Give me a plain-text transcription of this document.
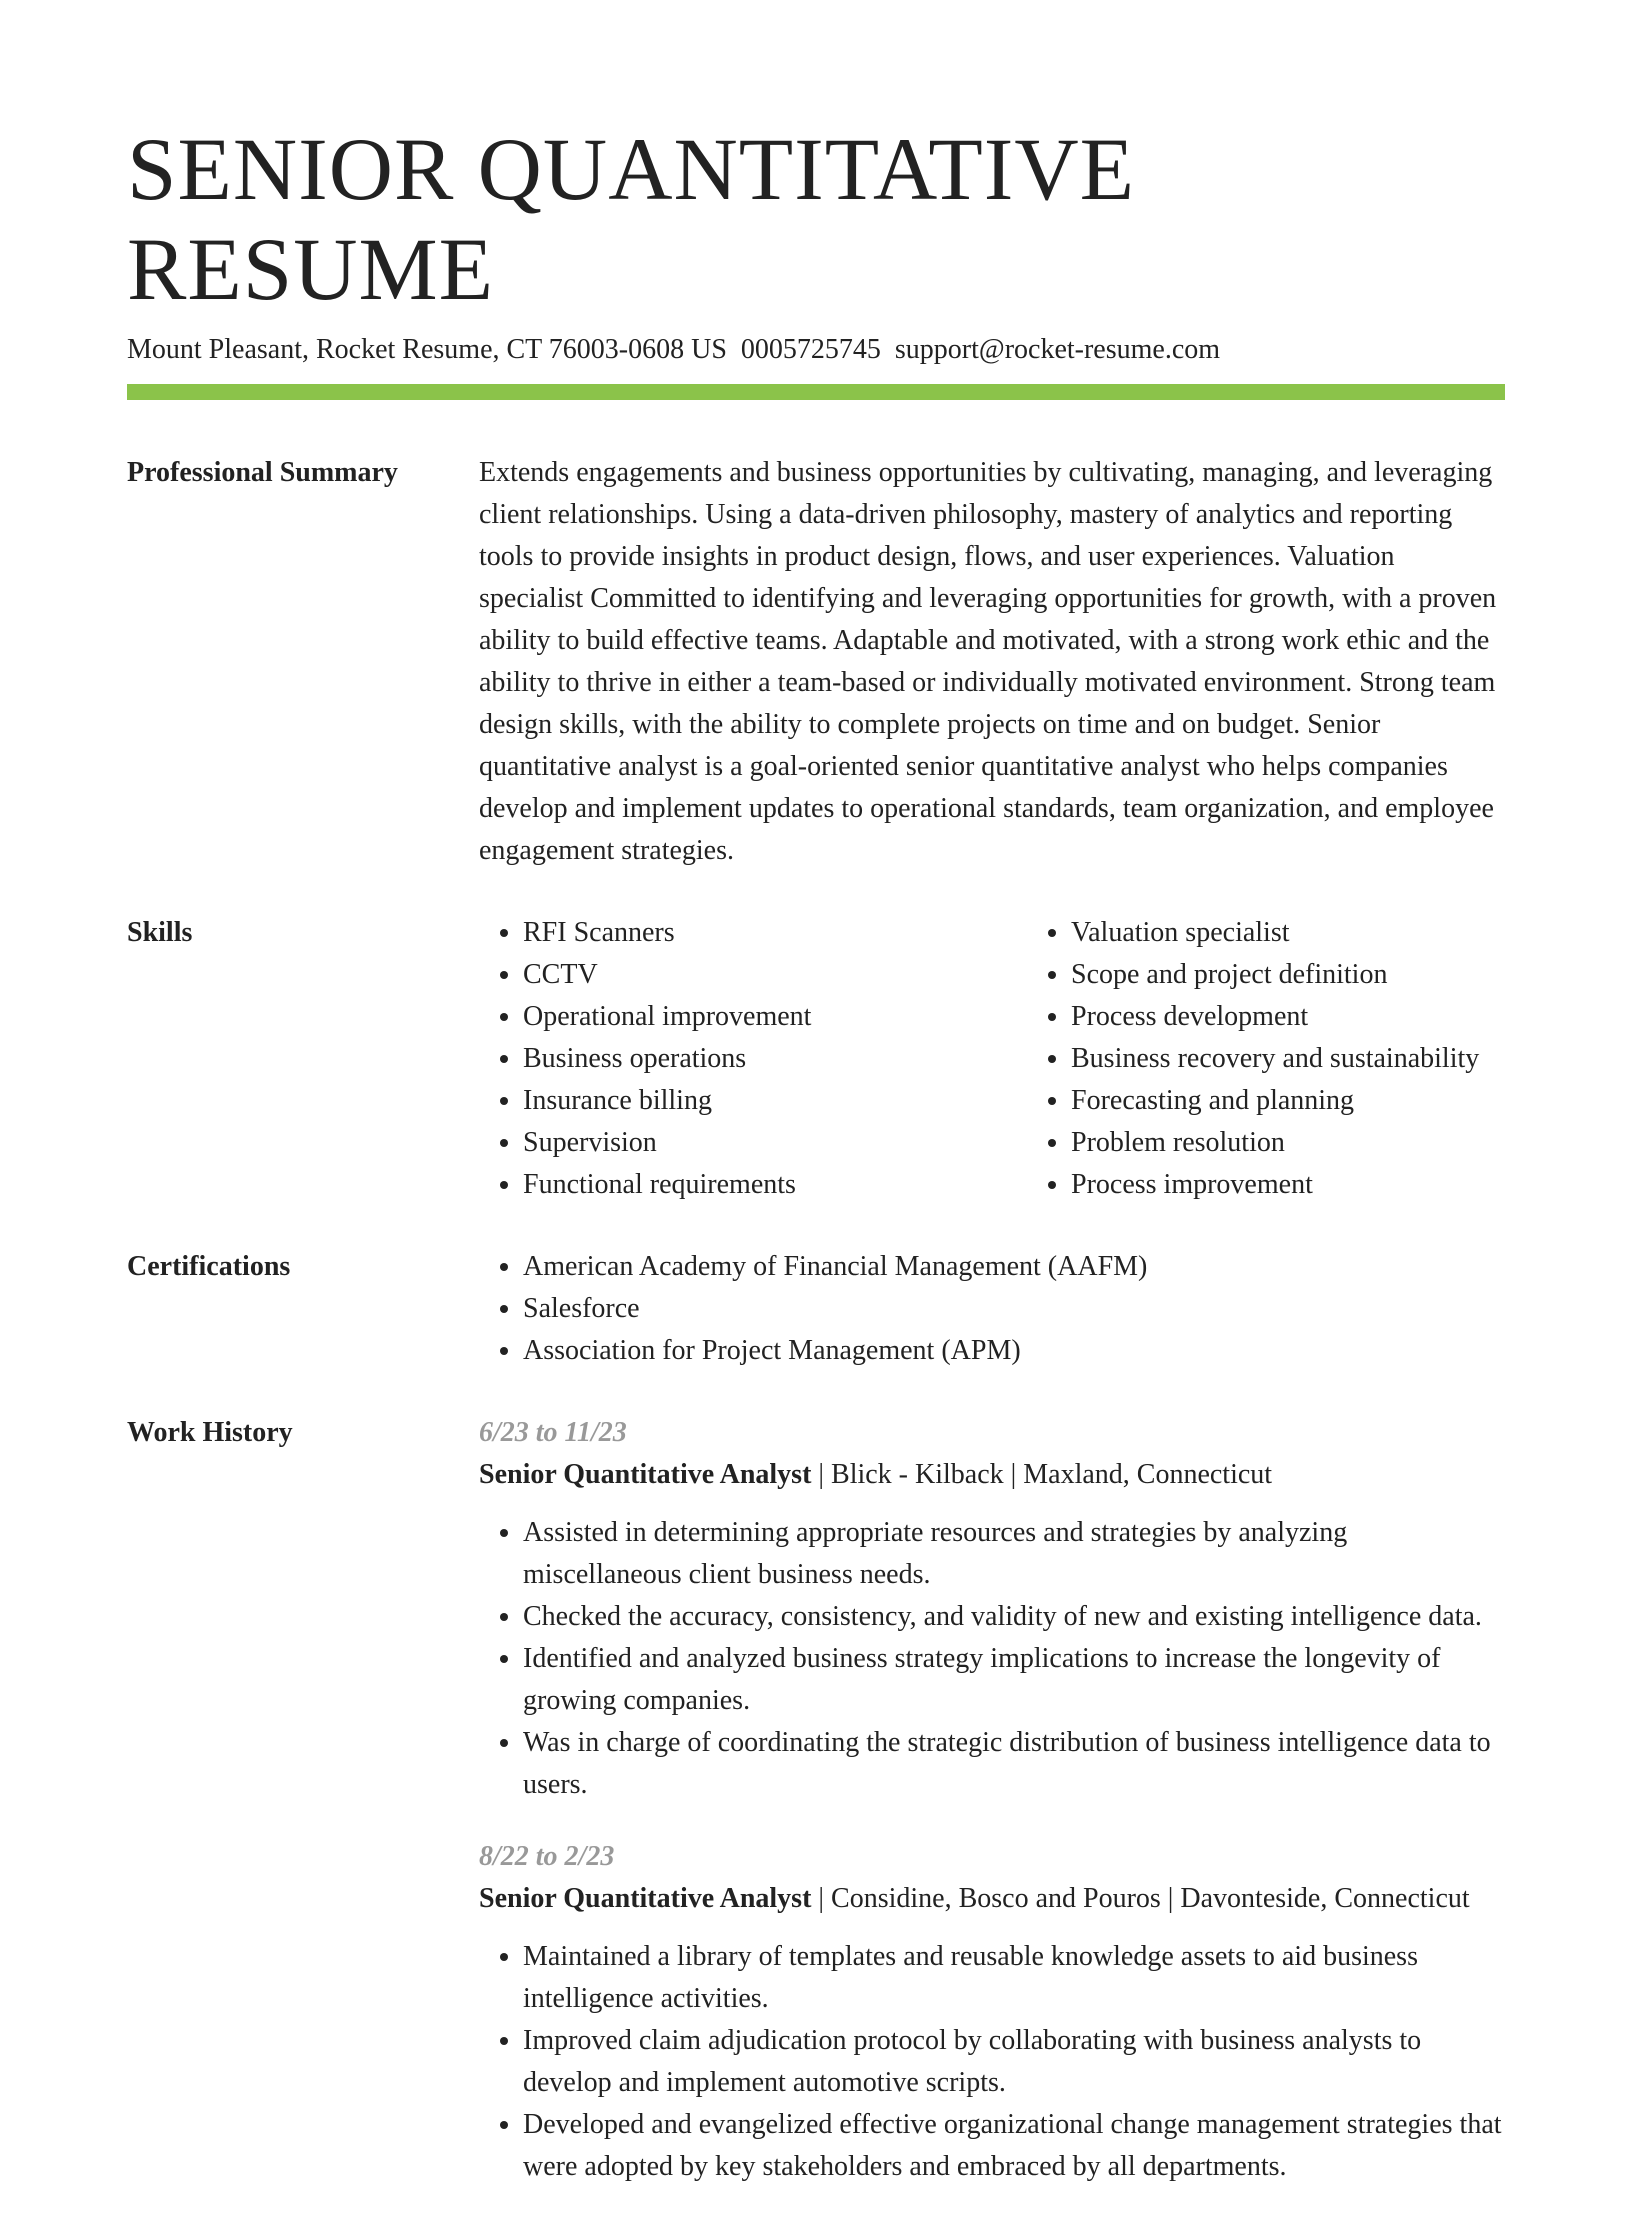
SENIOR QUANTITATIVE RESUME
Mount Pleasant, Rocket Resume, CT 76003-0608 US 0005725745 support@rocket-resume.com
Professional Summary	Extends engagements and business opportunities by cultivating, managing, and leveraging client relationships. Using a data-driven philosophy, mastery of analytics and reporting tools to provide insights in product design, flows, and user experiences. Valuation specialist Committed to identifying and leveraging opportunities for growth, with a proven ability to build effective teams. Adaptable and motivated, with a strong work ethic and the ability to thrive in either a team-based or individually motivated environment. Strong team design skills, with the ability to complete projects on time and on budget. Senior quantitative analyst is a goal-oriented senior quantitative analyst who helps companies develop and implement updates to operational standards, team organization, and employee engagement strategies.

Skills	• RFI Scanners
• CCTV
• Operational improvement
• Business operations
• Insurance billing
• Supervision
• Functional requirements
• Valuation specialist
• Scope and project definition
• Process development
• Business recovery and sustainability
• Forecasting and planning
• Problem resolution
• Process improvement
Certifications	• American Academy of Financial Management (AAFM)
• Salesforce
• Association for Project Management (APM)
Work History	6/23 to 11/23
Senior Quantitative Analyst | Blick - Kilback | Maxland, Connecticut
• Assisted in determining appropriate resources and strategies by analyzing miscellaneous client business needs.
• Checked the accuracy, consistency, and validity of new and existing intelligence data.
• Identified and analyzed business strategy implications to increase the longevity of growing companies.
• Was in charge of coordinating the strategic distribution of business intelligence data to users.
8/22 to 2/23
Senior Quantitative Analyst | Considine, Bosco and Pouros | Davonteside, Connecticut
• Maintained a library of templates and reusable knowledge assets to aid business intelligence activities.
• Improved claim adjudication protocol by collaborating with business analysts to develop and implement automotive scripts.
• Developed and evangelized effective organizational change management strategies that were adopted by key stakeholders and embraced by all departments.
